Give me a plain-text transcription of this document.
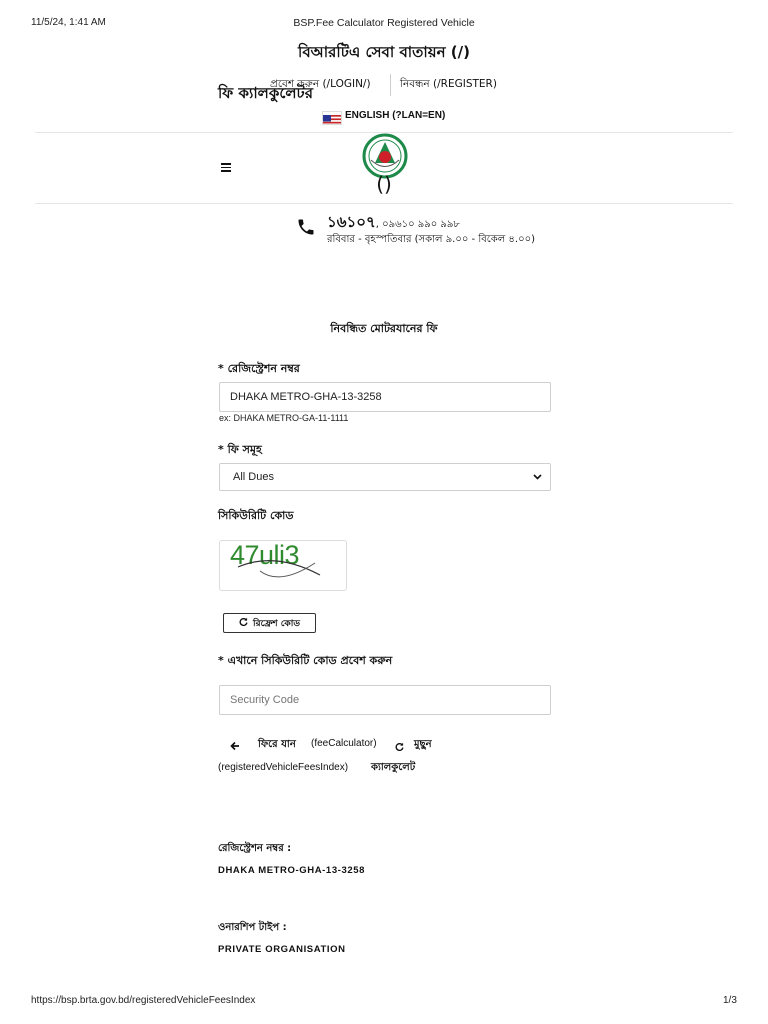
11/5/24, 1:41 AM	BSP.Fee Calculator Registered Vehicle
বিআরটিএ সেবা বাতায়ন (/)
প্রবেশ করুন (/LOGIN/)	নিবন্ধন (/REGISTER)
ফি ক্যালকুলেটর
ENGLISH (?LAN=EN)
()
১৬১০৭, ০৯৬১০ ৯৯০ ৯৯৮
রবিবার - বৃহস্পতিবার (সকাল ৯.০০ - বিকেল ৪.০০)
নিবন্ধিত মোটরযানের ফি
* রেজিস্ট্রেশন নম্বর
DHAKA METRO-GHA-13-3258
ex: DHAKA METRO-GA-11-1111
* ফি সমূহ
All Dues
সিকিউরিটি কোড
47uli3
রিফ্রেশ কোড
* এখানে সিকিউরিটি কোড প্রবেশ করুন
Security Code
ফিরে যান (feeCalculator)	মুছুন
(registeredVehicleFeesIndex) ক্যালকুলেট
রেজিস্ট্রেশন নম্বর :
DHAKA METRO-GHA-13-3258
ওনারশিপ টাইপ :
PRIVATE ORGANISATION
https://bsp.brta.gov.bd/registeredVehicleFeesIndex	1/3
